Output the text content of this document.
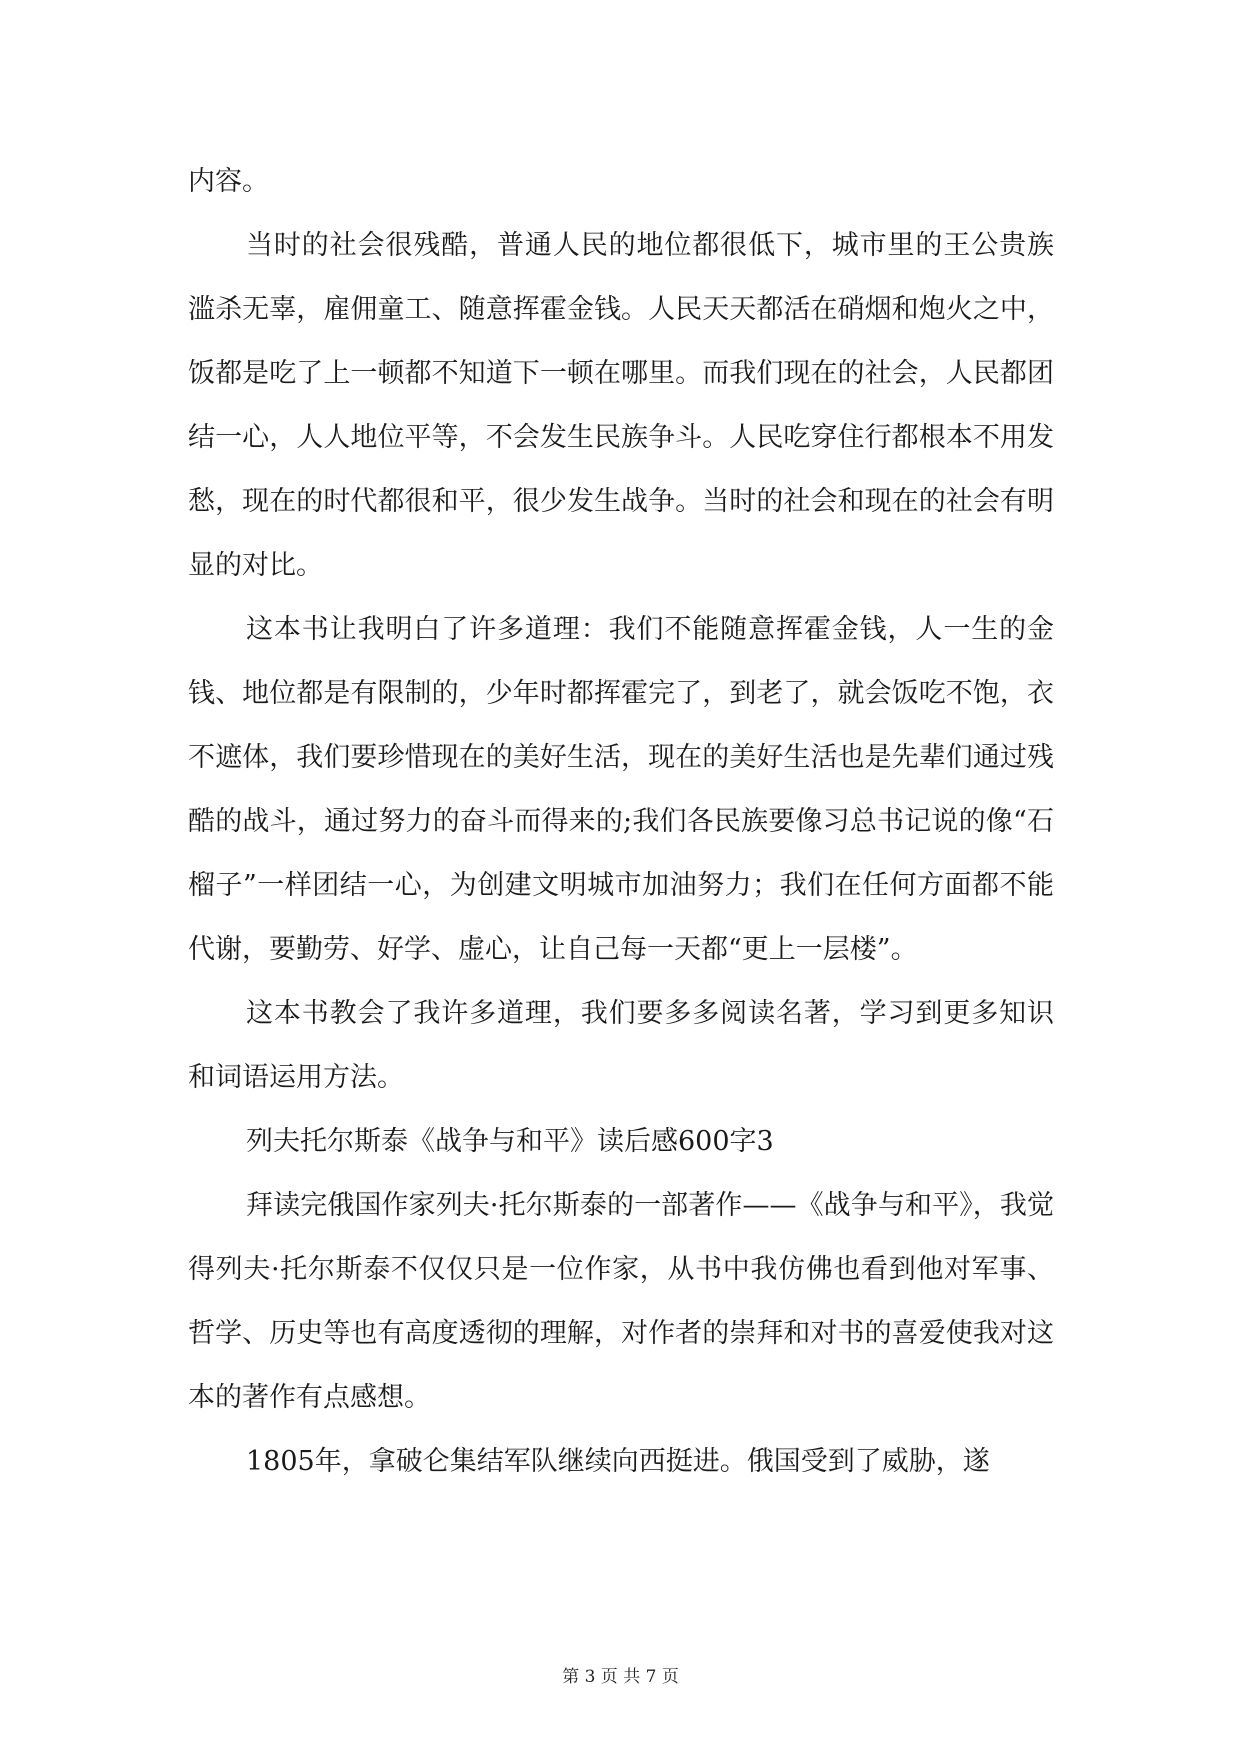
内容。

当时的社会很残酷，普通人民的地位都很低下，城市里的王公贵族滥杀无辜，雇佣童工、随意挥霍金钱。人民天天都活在硝烟和炮火之中，饭都是吃了上一顿都不知道下一顿在哪里。而我们现在的社会，人民都团结一心，人人地位平等，不会发生民族争斗。人民吃穿住行都根本不用发愁，现在的时代都很和平，很少发生战争。当时的社会和现在的社会有明显的对比。

这本书让我明白了许多道理：我们不能随意挥霍金钱，人一生的金钱、地位都是有限制的，少年时都挥霍完了，到老了，就会饭吃不饱，衣不遮体，我们要珍惜现在的美好生活，现在的美好生活也是先辈们通过残酷的战斗，通过努力的奋斗而得来的;我们各民族要像习总书记说的像“石榴子”一样团结一心，为创建文明城市加油努力；我们在任何方面都不能代谢，要勤劳、好学、虚心，让自己每一天都“更上一层楼”。

这本书教会了我许多道理，我们要多多阅读名著，学习到更多知识和词语运用方法。

列夫托尔斯泰《战争与和平》读后感600字3

拜读完俄国作家列夫·托尔斯泰的一部著作——《战争与和平》，我觉得列夫·托尔斯泰不仅仅只是一位作家，从书中我仿佛也看到他对军事、哲学、历史等也有高度透彻的理解，对作者的崇拜和对书的喜爱使我对这本的著作有点感想。

1805年，拿破仑集结军队继续向西挺进。俄国受到了威胁，遂

第 3 页 共 7 页
